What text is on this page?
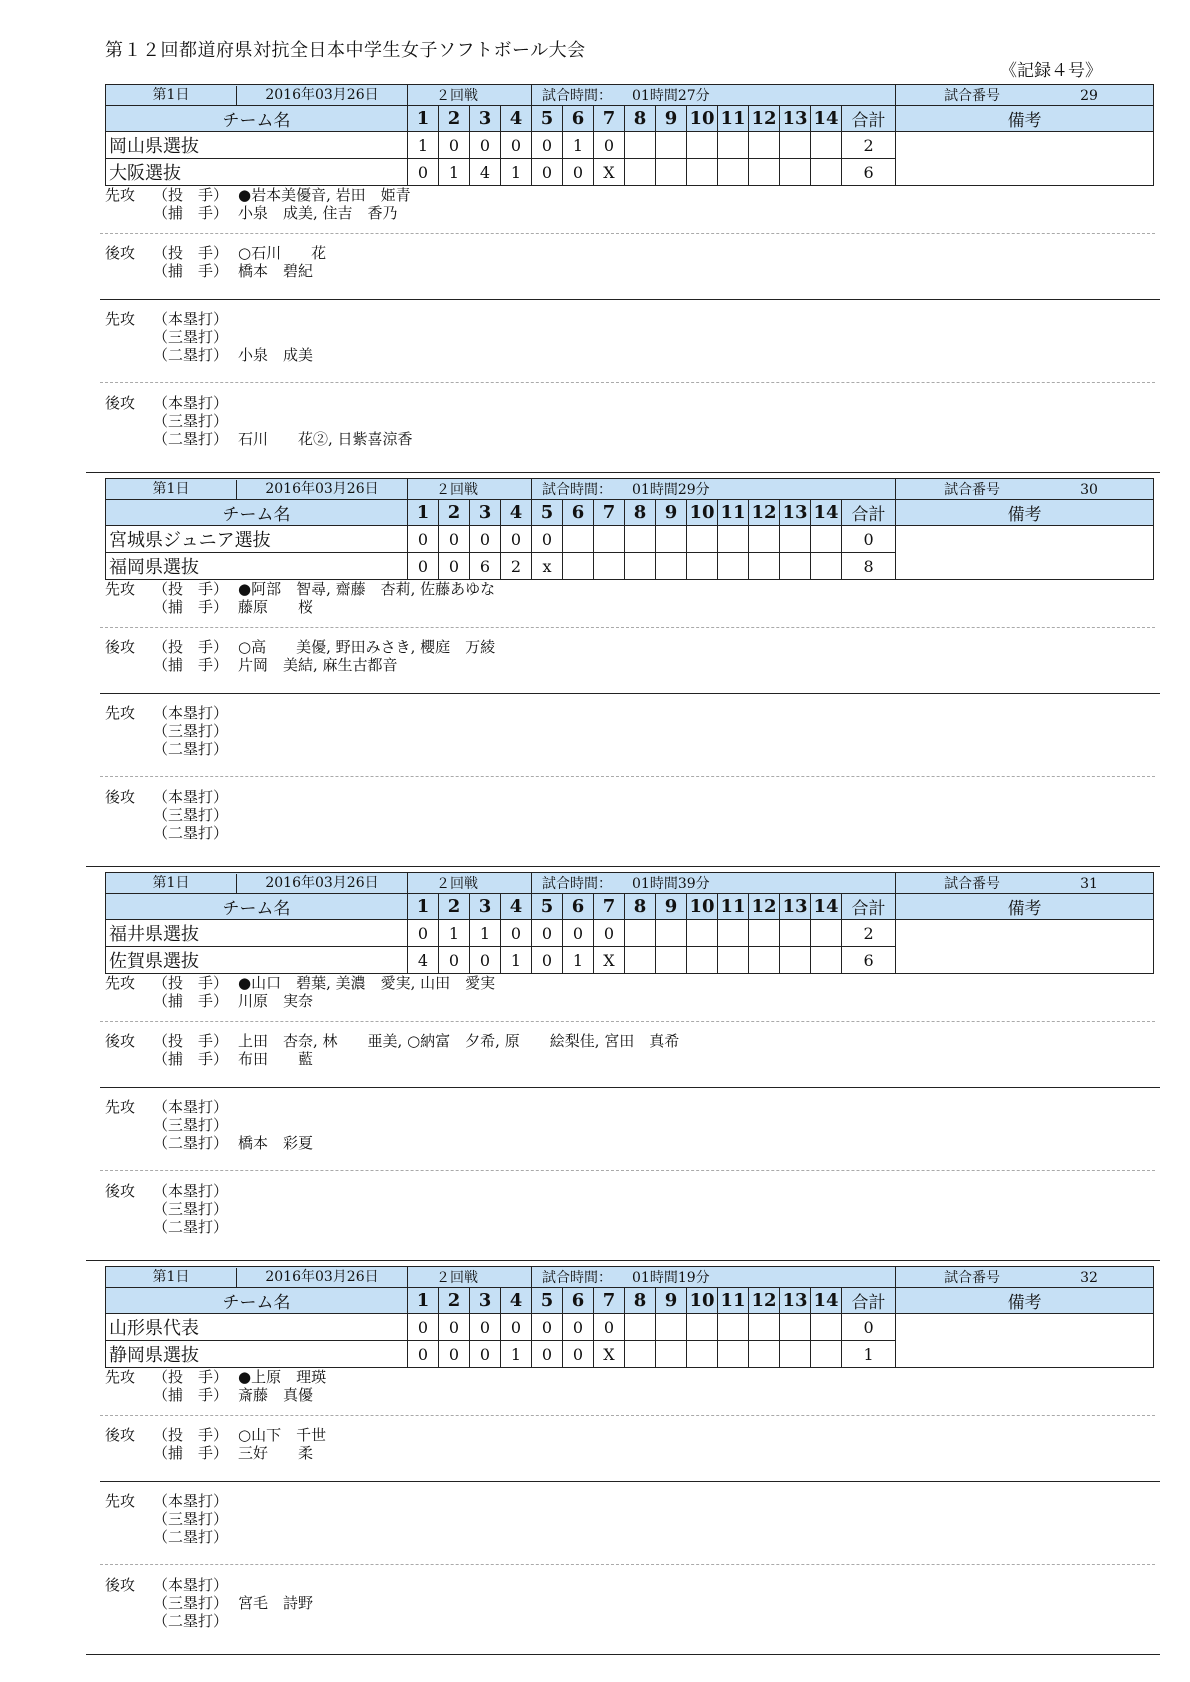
第１２回都道府県対抗全日本中学生女子ソフトボール大会
《記録４号》
第1日 2016年03月26日	２回戦				試合時間： 01時間27分											試合番号 29
チーム名	1	2	3	4	5	6	7	8	9	10	11	12	13	14	合計	備考
岡山県選抜	1	0	0	0	0	1	0								2	
大阪選抜	0	1	4	1	0	0	X								6	
先攻 （投　手） ●岩本美優音, 岩田　姫青
（捕　手） 小泉　成美, 住吉　香乃
後攻 （投　手） ○石川　　花
（捕　手） 橋本　碧紀
先攻 （本塁打）
（三塁打）
（二塁打） 小泉　成美
後攻 （本塁打）
（三塁打）
（二塁打） 石川　　花②, 日紫喜涼香
第1日 2016年03月26日	２回戦				試合時間： 01時間29分											試合番号 30
チーム名	1	2	3	4	5	6	7	8	9	10	11	12	13	14	合計	備考
宮城県ジュニア選抜	0	0	0	0	0										0	
福岡県選抜	0	0	6	2	x										8	
先攻 （投　手） ●阿部　智尋, 齋藤　杏莉, 佐藤あゆな
（捕　手） 藤原　　桜
後攻 （投　手） ○高　　美優, 野田みさき, 櫻庭　万綾
（捕　手） 片岡　美結, 麻生古都音
先攻 （本塁打）
（三塁打）
（二塁打）
後攻 （本塁打）
（三塁打）
（二塁打）
第1日 2016年03月26日	２回戦				試合時間： 01時間39分											試合番号 31
チーム名	1	2	3	4	5	6	7	8	9	10	11	12	13	14	合計	備考
福井県選抜	0	1	1	0	0	0	0								2	
佐賀県選抜	4	0	0	1	0	1	X								6	
先攻 （投　手） ●山口　碧葉, 美濃　愛実, 山田　愛実
（捕　手） 川原　実奈
後攻 （投　手） 上田　杏奈, 林　　亜美, ○納富　夕希, 原　　絵梨佳, 宮田　真希
（捕　手） 布田　　藍
先攻 （本塁打）
（三塁打）
（二塁打） 橋本　彩夏
後攻 （本塁打）
（三塁打）
（二塁打）
第1日 2016年03月26日	２回戦				試合時間： 01時間19分											試合番号 32
チーム名	1	2	3	4	5	6	7	8	9	10	11	12	13	14	合計	備考
山形県代表	0	0	0	0	0	0	0								0	
静岡県選抜	0	0	0	1	0	0	X								1	
先攻 （投　手） ●上原　理瑛
（捕　手） 斎藤　真優
後攻 （投　手） ○山下　千世
（捕　手） 三好　　柔
先攻 （本塁打）
（三塁打）
（二塁打）
後攻 （本塁打）
（三塁打） 宮毛　詩野
（二塁打）
